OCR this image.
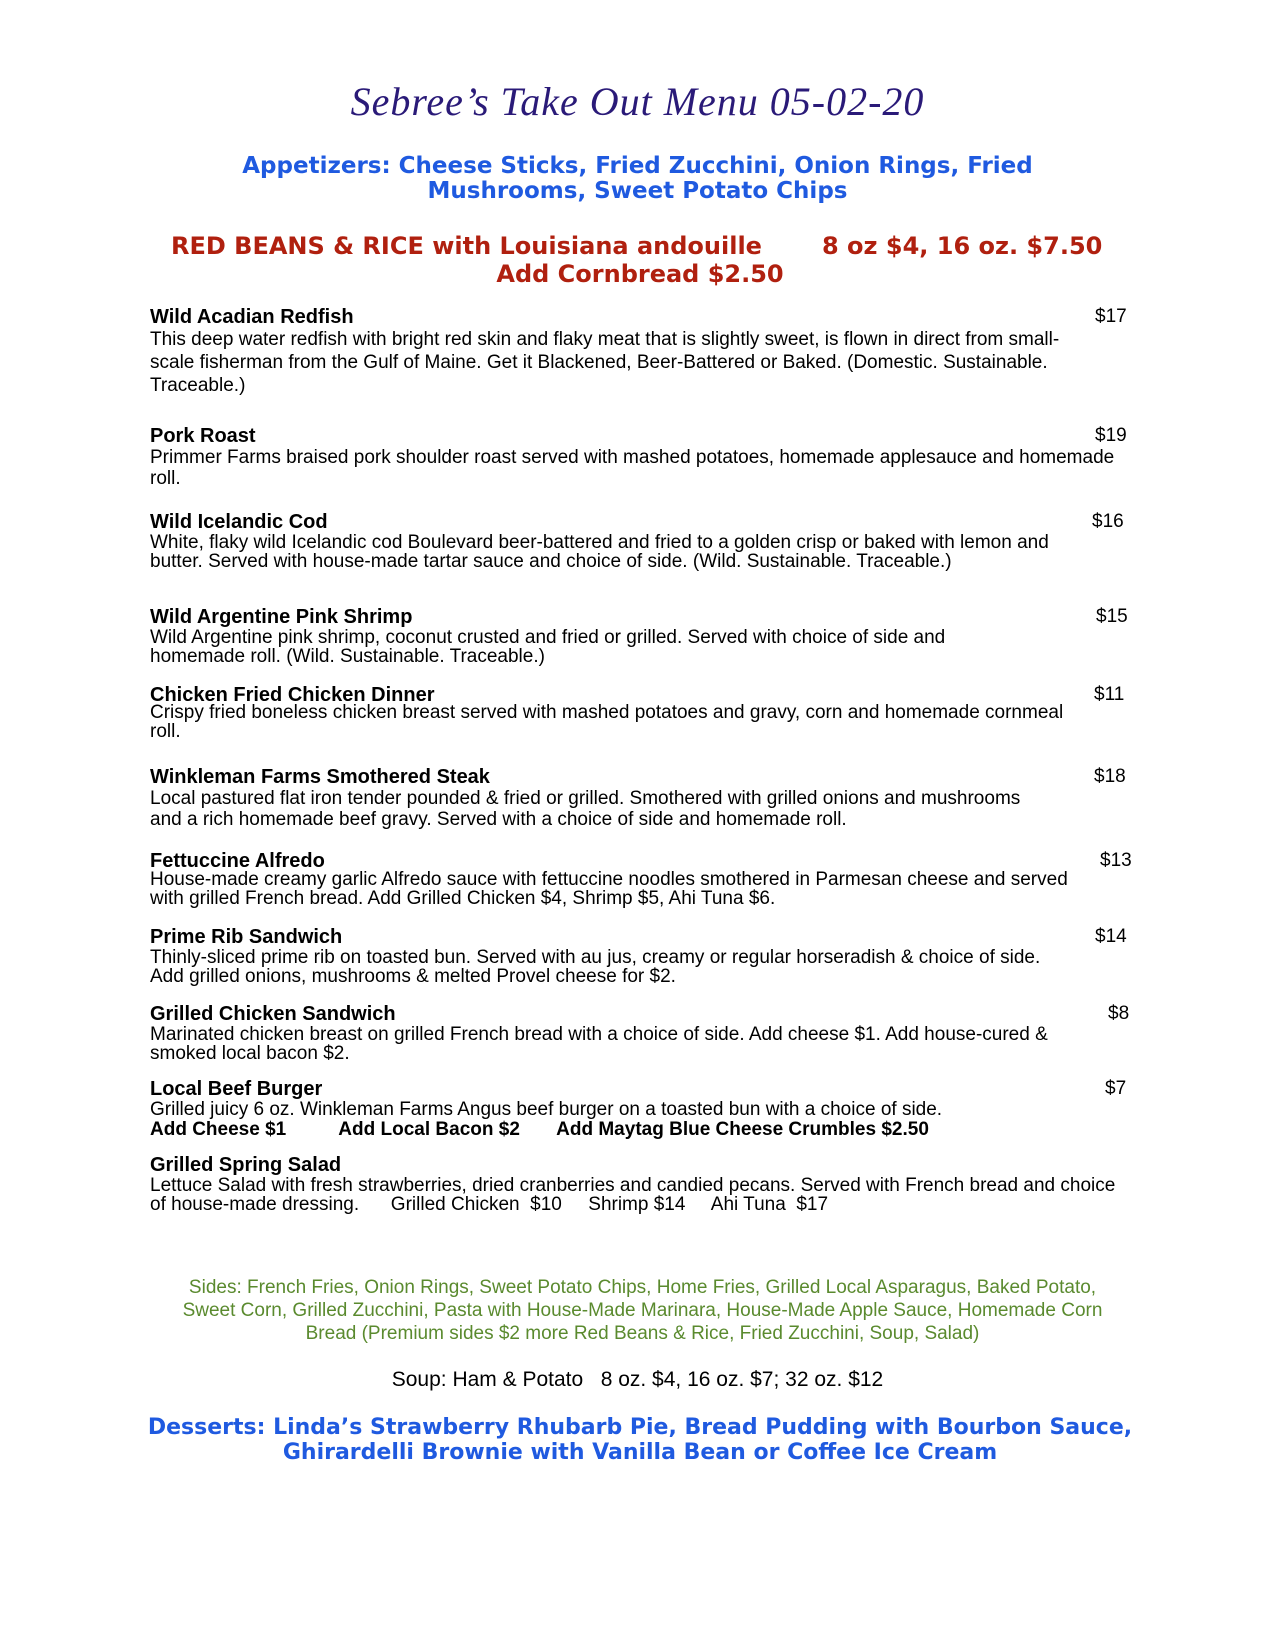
Sebree’s Take Out Menu 05-02-20
Appetizers: Cheese Sticks, Fried Zucchini, Onion Rings, Fried Mushrooms, Sweet Potato Chips
RED BEANS & RICE with Louisiana andouille	8 oz $4, 16 oz. $7.50
Add Cornbread $2.50
Wild Acadian Redfish	$17
This deep water redfish with bright red skin and flaky meat that is slightly sweet, is flown in direct from small-scale fisherman from the Gulf of Maine. Get it Blackened, Beer-Battered or Baked. (Domestic. Sustainable. Traceable.)
Pork Roast	$19
Primmer Farms braised pork shoulder roast served with mashed potatoes, homemade applesauce and homemade roll.
Wild Icelandic Cod	$16
White, flaky wild Icelandic cod Boulevard beer-battered and fried to a golden crisp or baked with lemon and butter. Served with house-made tartar sauce and choice of side. (Wild. Sustainable. Traceable.)
Wild Argentine Pink Shrimp	$15
Wild Argentine pink shrimp, coconut crusted and fried or grilled. Served with choice of side and homemade roll. (Wild. Sustainable. Traceable.)
Chicken Fried Chicken Dinner	$11
Crispy fried boneless chicken breast served with mashed potatoes and gravy, corn and homemade cornmeal roll.
Winkleman Farms Smothered Steak	$18
Local pastured flat iron tender pounded & fried or grilled. Smothered with grilled onions and mushrooms and a rich homemade beef gravy. Served with a choice of side and homemade roll.
Fettuccine Alfredo	$13
House-made creamy garlic Alfredo sauce with fettuccine noodles smothered in Parmesan cheese and served with grilled French bread. Add Grilled Chicken $4, Shrimp $5, Ahi Tuna $6.
Prime Rib Sandwich	$14
Thinly-sliced prime rib on toasted bun. Served with au jus, creamy or regular horseradish & choice of side. Add grilled onions, mushrooms & melted Provel cheese for $2.
Grilled Chicken Sandwich	$8
Marinated chicken breast on grilled French bread with a choice of side. Add cheese $1. Add house-cured & smoked local bacon $2.
Local Beef Burger	$7
Grilled juicy 6 oz. Winkleman Farms Angus beef burger on a toasted bun with a choice of side.
Add Cheese $1          Add Local Bacon $2       Add Maytag Blue Cheese Crumbles $2.50
Grilled Spring Salad
Lettuce Salad with fresh strawberries, dried cranberries and candied pecans. Served with French bread and choice of house-made dressing.      Grilled Chicken  $10     Shrimp $14     Ahi Tuna  $17
Sides: French Fries, Onion Rings, Sweet Potato Chips, Home Fries, Grilled Local Asparagus, Baked Potato, Sweet Corn, Grilled Zucchini, Pasta with House-Made Marinara, House-Made Apple Sauce, Homemade Corn Bread (Premium sides $2 more Red Beans & Rice, Fried Zucchini, Soup, Salad)
Soup: Ham & Potato   8 oz. $4, 16 oz. $7; 32 oz. $12
Desserts: Linda’s Strawberry Rhubarb Pie, Bread Pudding with Bourbon Sauce, Ghirardelli Brownie with Vanilla Bean or Coffee Ice Cream
